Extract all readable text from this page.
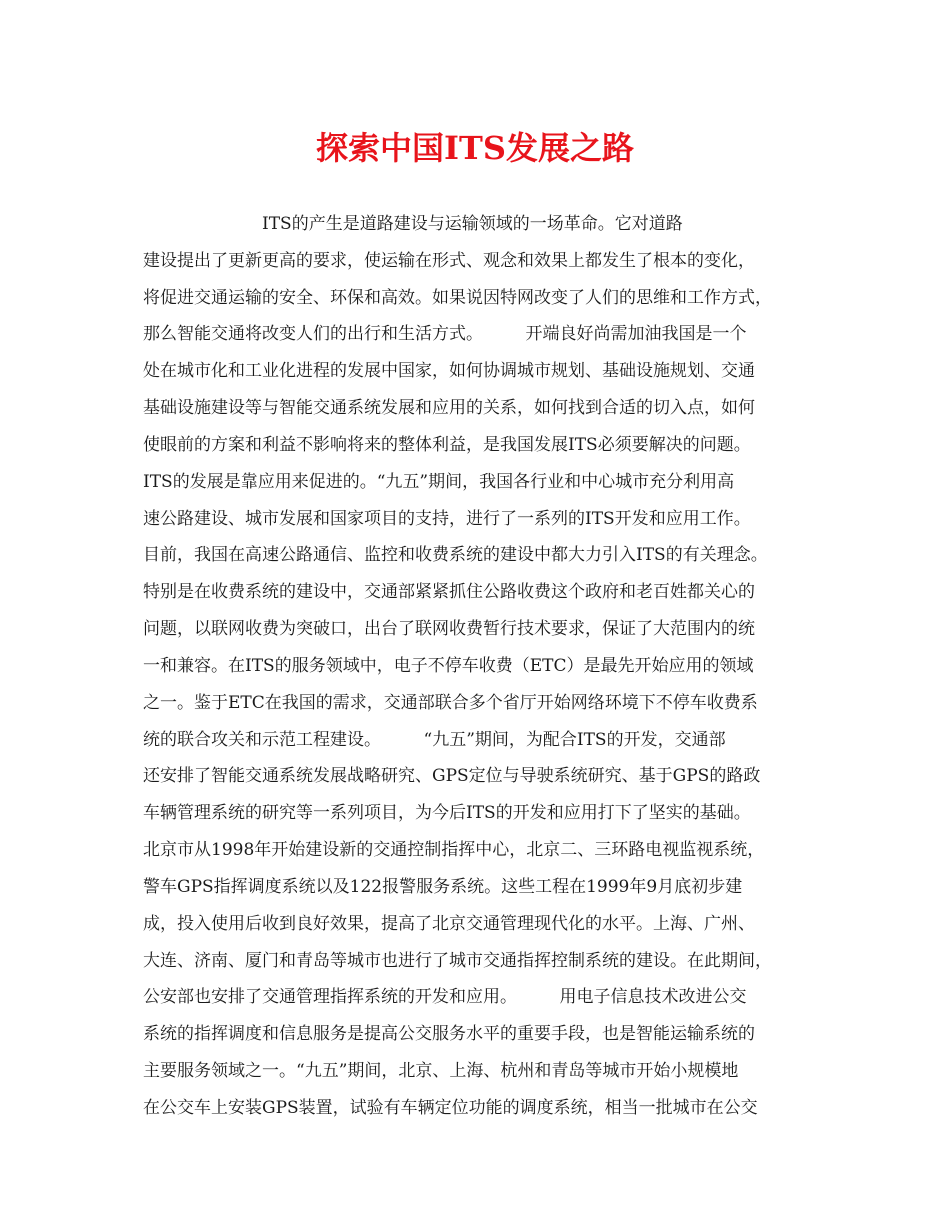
探索中国ITS发展之路
　　　　　　　ITS的产生是道路建设与运输领域的一场革命。它对道路
建设提出了更新更高的要求，使运输在形式、观念和效果上都发生了根本的变化，
将促进交通运输的安全、环保和高效。如果说因特网改变了人们的思维和工作方式，
那么智能交通将改变人们的出行和生活方式。　　　开端良好尚需加油我国是一个
处在城市化和工业化进程的发展中国家，如何协调城市规划、基础设施规划、交通
基础设施建设等与智能交通系统发展和应用的关系，如何找到合适的切入点，如何
使眼前的方案和利益不影响将来的整体利益，是我国发展ITS必须要解决的问题。
ITS的发展是靠应用来促进的。“九五”期间，我国各行业和中心城市充分利用高
速公路建设、城市发展和国家项目的支持，进行了一系列的ITS开发和应用工作。
目前，我国在高速公路通信、监控和收费系统的建设中都大力引入ITS的有关理念。
特别是在收费系统的建设中，交通部紧紧抓住公路收费这个政府和老百姓都关心的
问题，以联网收费为突破口，出台了联网收费暂行技术要求，保证了大范围内的统
一和兼容。在ITS的服务领域中，电子不停车收费（ETC）是最先开始应用的领域
之一。鉴于ETC在我国的需求，交通部联合多个省厅开始网络环境下不停车收费系
统的联合攻关和示范工程建设。　　　“九五”期间，为配合ITS的开发，交通部
还安排了智能交通系统发展战略研究、GPS定位与导驶系统研究、基于GPS的路政
车辆管理系统的研究等一系列项目，为今后ITS的开发和应用打下了坚实的基础。
北京市从1998年开始建设新的交通控制指挥中心，北京二、三环路电视监视系统，
警车GPS指挥调度系统以及122报警服务系统。这些工程在1999年9月底初步建
成，投入使用后收到良好效果，提高了北京交通管理现代化的水平。上海、广州、
大连、济南、厦门和青岛等城市也进行了城市交通指挥控制系统的建设。在此期间，
公安部也安排了交通管理指挥系统的开发和应用。　　　用电子信息技术改进公交
系统的指挥调度和信息服务是提高公交服务水平的重要手段，也是智能运输系统的
主要服务领域之一。“九五”期间，北京、上海、杭州和青岛等城市开始小规模地
在公交车上安装GPS装置，试验有车辆定位功能的调度系统，相当一批城市在公交
